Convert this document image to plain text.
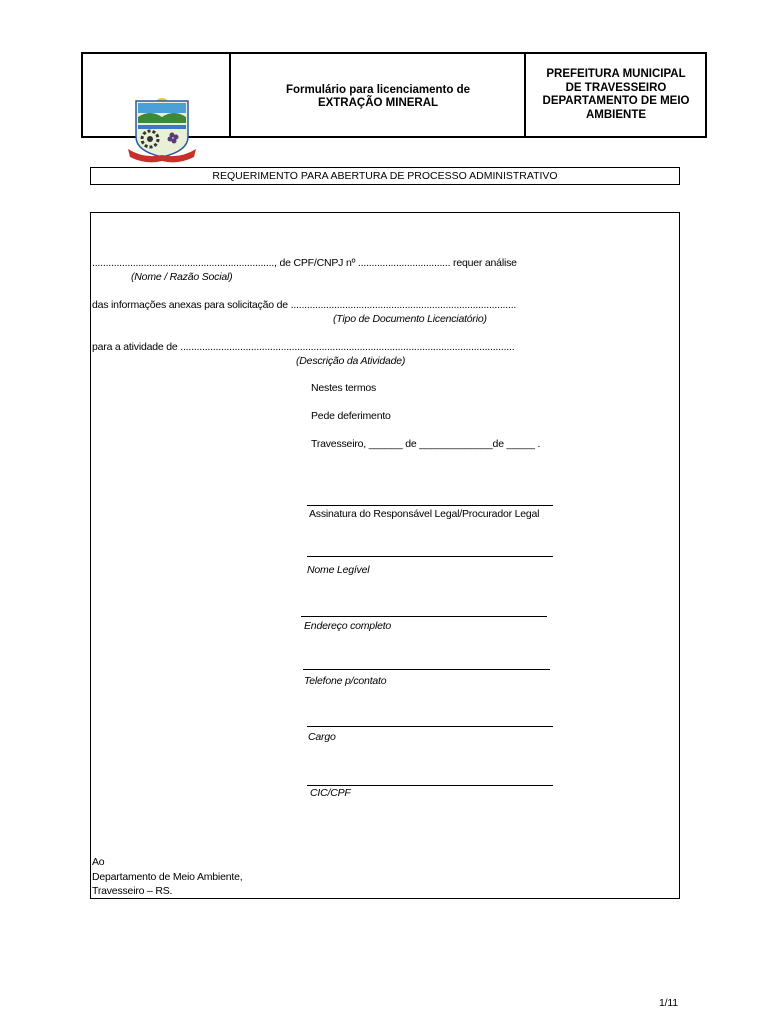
Formulário para licenciamento de
EXTRAÇÃO MINERAL
PREFEITURA MUNICIPAL
DE TRAVESSEIRO
DEPARTAMENTO DE MEIO
AMBIENTE
REQUERIMENTO PARA ABERTURA DE PROCESSO ADMINISTRATIVO
..................................................................., de CPF/CNPJ nº .................................. requer análise
(Nome / Razão Social)
das informações anexas para solicitação de ...................................................................................
(Tipo de Documento Licenciatório)
para a atividade de ...........................................................................................................................
(Descrição da Atividade)
Nestes termos
Pede deferimento
Travesseiro, ______ de _____________de _____ .
Assinatura do Responsável Legal/Procurador Legal
Nome Legível
Endereço completo
Telefone p/contato
Cargo
CIC/CPF
Ao
Departamento de Meio Ambiente,
Travesseiro – RS.
1/11
